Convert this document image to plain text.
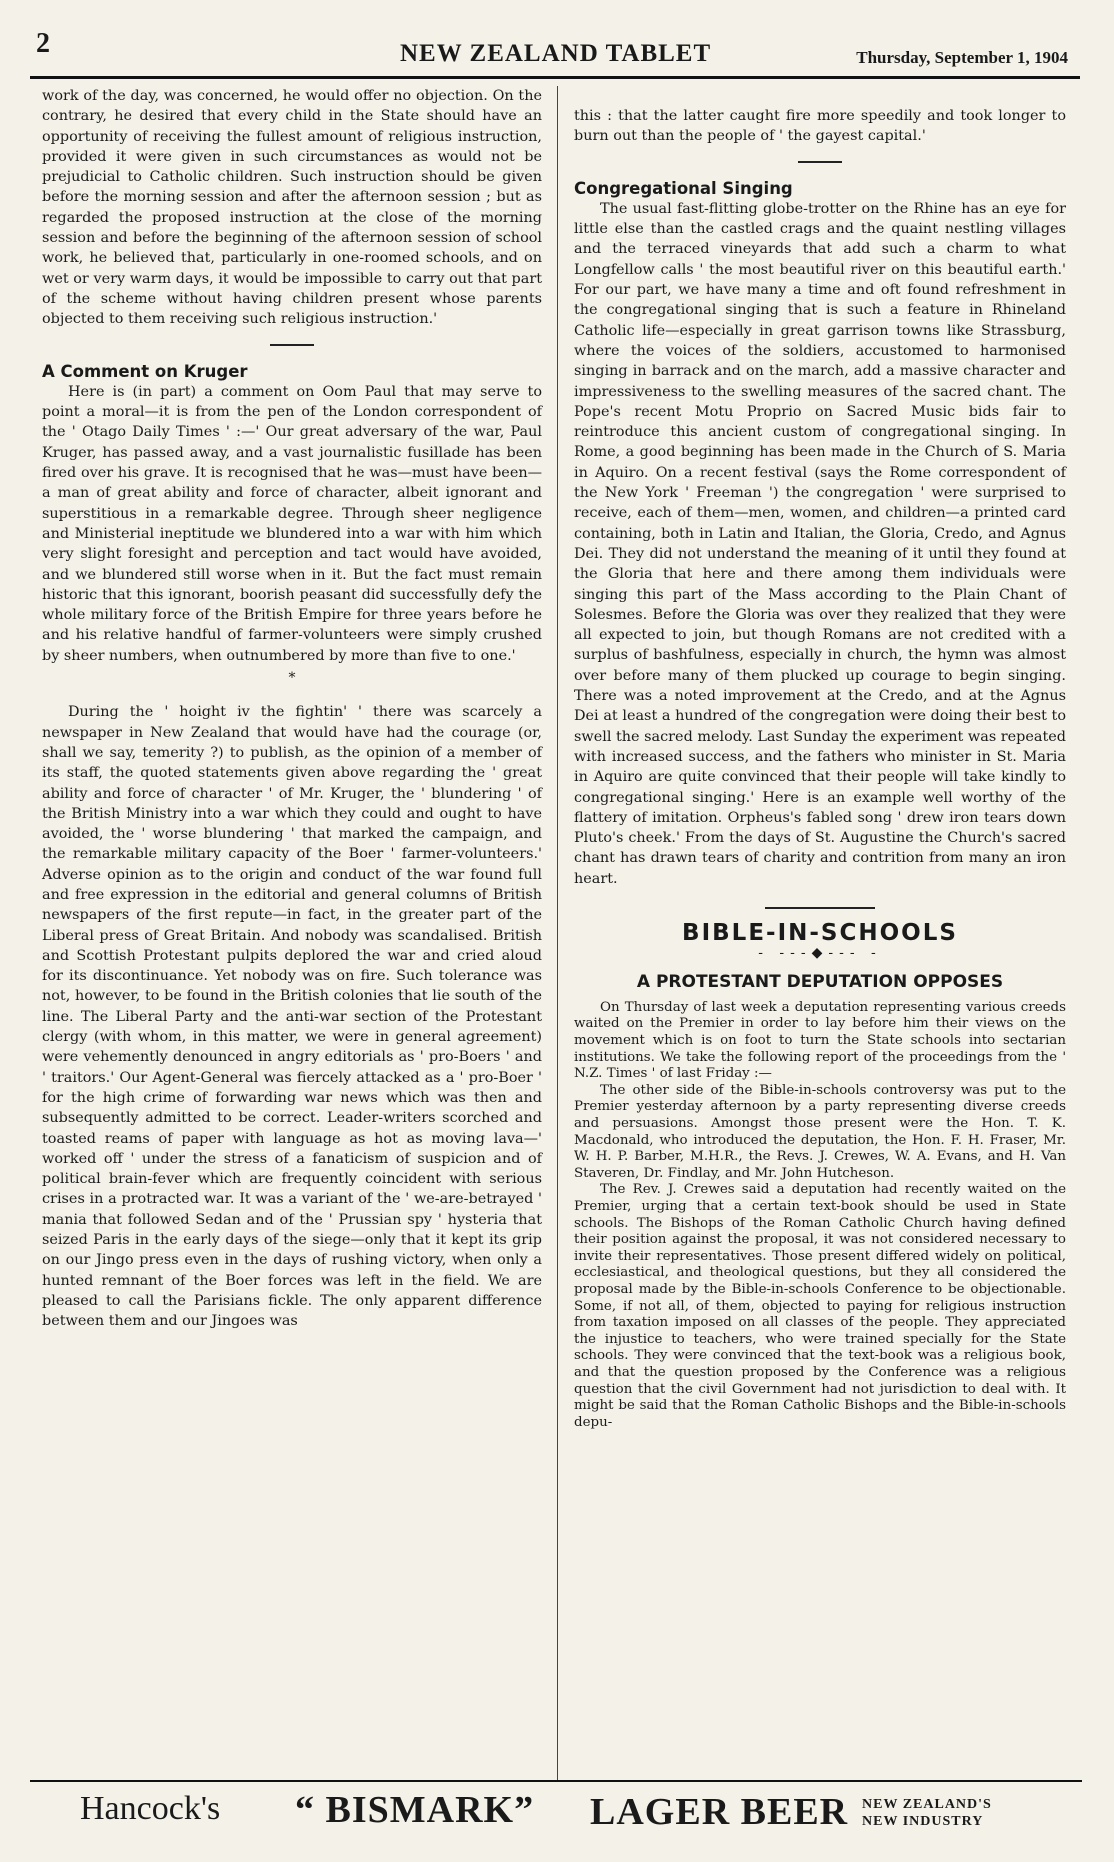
2	NEW ZEALAND TABLET	Thursday, September 1, 1904

work of the day, was concerned, he would offer no objection. On the contrary, he desired that every child in the State should have an opportunity of receiving the fullest amount of religious instruction, provided it were given in such circumstances as would not be prejudicial to Catholic children. Such instruction should be given before the morning session and after the afternoon session ; but as regarded the proposed instruction at the close of the morning session and before the beginning of the afternoon session of school work, he believed that, particularly in one-roomed schools, and on wet or very warm days, it would be impossible to carry out that part of the scheme without having children present whose parents objected to them receiving such religious instruction.'

A Comment on Kruger

Here is (in part) a comment on Oom Paul that may serve to point a moral—it is from the pen of the London correspondent of the ' Otago Daily Times ' :—' Our great adversary of the war, Paul Kruger, has passed away, and a vast journalistic fusillade has been fired over his grave. It is recognised that he was—must have been—a man of great ability and force of character, albeit ignorant and superstitious in a remarkable degree. Through sheer negligence and Ministerial ineptitude we blundered into a war with him which very slight foresight and perception and tact would have avoided, and we blundered still worse when in it. But the fact must remain historic that this ignorant, boorish peasant did successfully defy the whole military force of the British Empire for three years before he and his relative handful of farmer-volunteers were simply crushed by sheer numbers, when outnumbered by more than five to one.'

*

During the ' hoight iv the fightin' ' there was scarcely a newspaper in New Zealand that would have had the courage (or, shall we say, temerity ?) to publish, as the opinion of a member of its staff, the quoted statements given above regarding the ' great ability and force of character ' of Mr. Kruger, the ' blundering ' of the British Ministry into a war which they could and ought to have avoided, the ' worse blundering ' that marked the campaign, and the remarkable military capacity of the Boer ' farmer-volunteers.' Adverse opinion as to the origin and conduct of the war found full and free expression in the editorial and general columns of British newspapers of the first repute—in fact, in the greater part of the Liberal press of Great Britain. And nobody was scandalised. British and Scottish Protestant pulpits deplored the war and cried aloud for its discontinuance. Yet nobody was on fire. Such tolerance was not, however, to be found in the British colonies that lie south of the line. The Liberal Party and the anti-war section of the Protestant clergy (with whom, in this matter, we were in general agreement) were vehemently denounced in angry editorials as ' pro-Boers ' and ' traitors.' Our Agent-General was fiercely attacked as a ' pro-Boer ' for the high crime of forwarding war news which was then and subsequently admitted to be correct. Leader-writers scorched and toasted reams of paper with language as hot as moving lava—' worked off ' under the stress of a fanaticism of suspicion and of political brain-fever which are frequently coincident with serious crises in a protracted war. It was a variant of the ' we-are-betrayed ' mania that followed Sedan and of the ' Prussian spy ' hysteria that seized Paris in the early days of the siege—only that it kept its grip on our Jingo press even in the days of rushing victory, when only a hunted remnant of the Boer forces was left in the field. We are pleased to call the Parisians fickle. The only apparent difference between them and our Jingoes was

this : that the latter caught fire more speedily and took longer to burn out than the people of ' the gayest capital.'

Congregational Singing

The usual fast-flitting globe-trotter on the Rhine has an eye for little else than the castled crags and the quaint nestling villages and the terraced vineyards that add such a charm to what Longfellow calls ' the most beautiful river on this beautiful earth.' For our part, we have many a time and oft found refreshment in the congregational singing that is such a feature in Rhineland Catholic life—especially in great garrison towns like Strassburg, where the voices of the soldiers, accustomed to harmonised singing in barrack and on the march, add a massive character and impressiveness to the swelling measures of the sacred chant. The Pope's recent Motu Proprio on Sacred Music bids fair to reintroduce this ancient custom of congregational singing. In Rome, a good beginning has been made in the Church of S. Maria in Aquiro. On a recent festival (says the Rome correspondent of the New York ' Freeman ') the congregation ' were surprised to receive, each of them—men, women, and children—a printed card containing, both in Latin and Italian, the Gloria, Credo, and Agnus Dei. They did not understand the meaning of it until they found at the Gloria that here and there among them individuals were singing this part of the Mass according to the Plain Chant of Solesmes. Before the Gloria was over they realized that they were all expected to join, but though Romans are not credited with a surplus of bashfulness, especially in church, the hymn was almost over before many of them plucked up courage to begin singing. There was a noted improvement at the Credo, and at the Agnus Dei at least a hundred of the congregation were doing their best to swell the sacred melody. Last Sunday the experiment was repeated with increased success, and the fathers who minister in St. Maria in Aquiro are quite convinced that their people will take kindly to congregational singing.' Here is an example well worthy of the flattery of imitation. Orpheus's fabled song ' drew iron tears down Pluto's cheek.' From the days of St. Augustine the Church's sacred chant has drawn tears of charity and contrition from many an iron heart.

BIBLE-IN-SCHOOLS
- ---◆--- -
A PROTESTANT DEPUTATION OPPOSES

On Thursday of last week a deputation representing various creeds waited on the Premier in order to lay before him their views on the movement which is on foot to turn the State schools into sectarian institutions. We take the following report of the proceedings from the ' N.Z. Times ' of last Friday :—

The other side of the Bible-in-schools controversy was put to the Premier yesterday afternoon by a party representing diverse creeds and persuasions. Amongst those present were the Hon. T. K. Macdonald, who introduced the deputation, the Hon. F. H. Fraser, Mr. W. H. P. Barber, M.H.R., the Revs. J. Crewes, W. A. Evans, and H. Van Staveren, Dr. Findlay, and Mr. John Hutcheson.

The Rev. J. Crewes said a deputation had recently waited on the Premier, urging that a certain text-book should be used in State schools. The Bishops of the Roman Catholic Church having defined their position against the proposal, it was not considered necessary to invite their representatives. Those present differed widely on political, ecclesiastical, and theological questions, but they all considered the proposal made by the Bible-in-schools Conference to be objectionable. Some, if not all, of them, objected to paying for religious instruction from taxation imposed on all classes of the people. They appreciated the injustice to teachers, who were trained specially for the State schools. They were convinced that the text-book was a religious book, and that the question proposed by the Conference was a religious question that the civil Government had not jurisdiction to deal with. It might be said that the Roman Catholic Bishops and the Bible-in-schools depu-

Hancock's “ BISMARK” LAGER BEER NEW ZEALAND'S
NEW INDUSTRY
